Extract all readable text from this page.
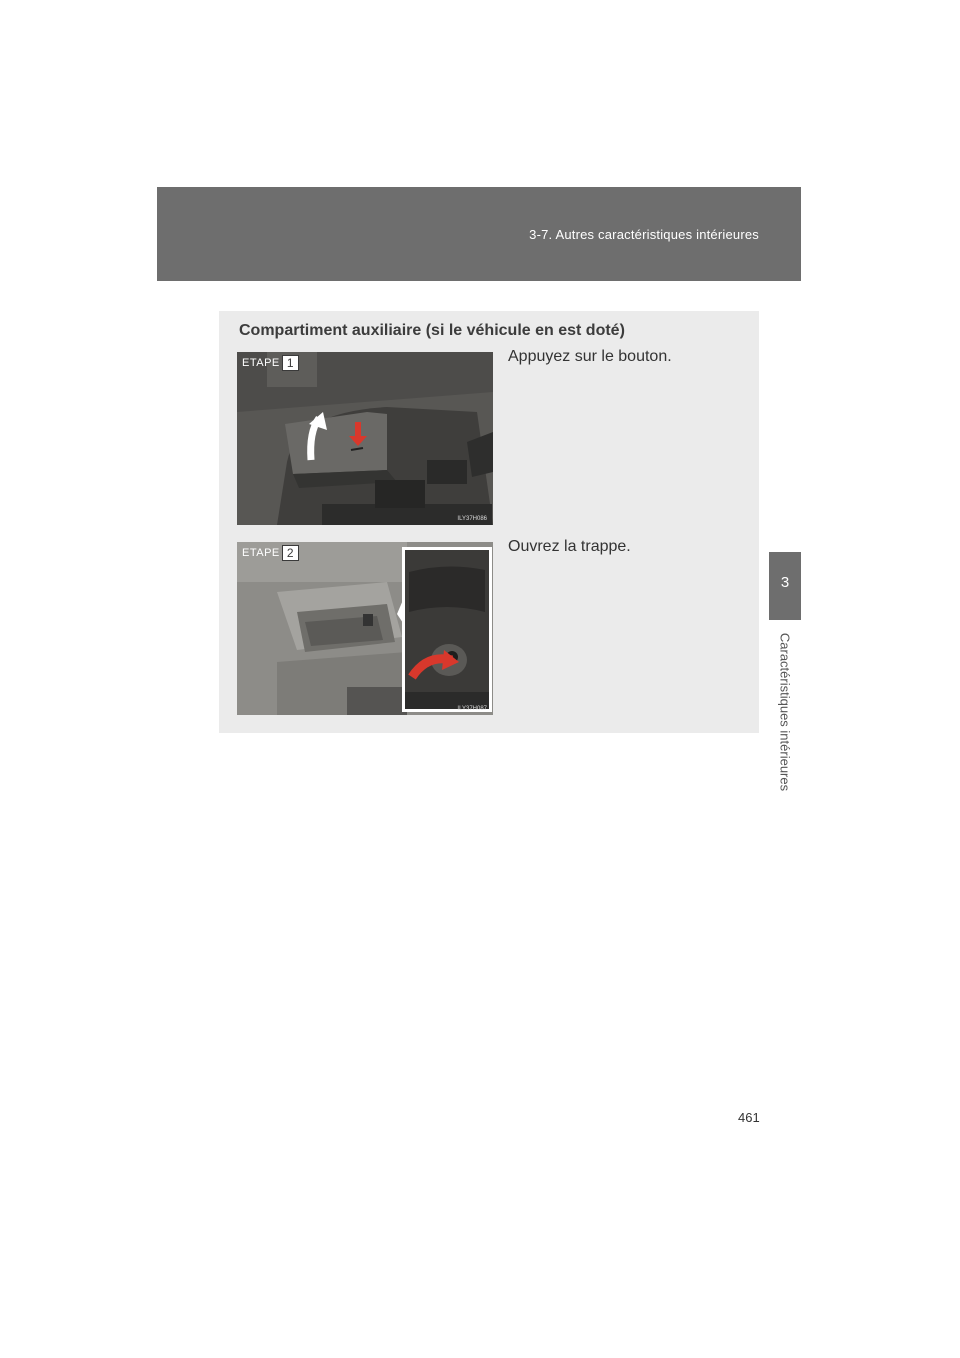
3-7. Autres caractéristiques intérieures
3
Caractéristiques intérieures
Compartiment auxiliaire (si le véhicule en est doté)
ETAPE 1
ILY37H086
Appuyez sur le bouton.
ETAPE 2
ILY37H087
Ouvrez la trappe.
461
